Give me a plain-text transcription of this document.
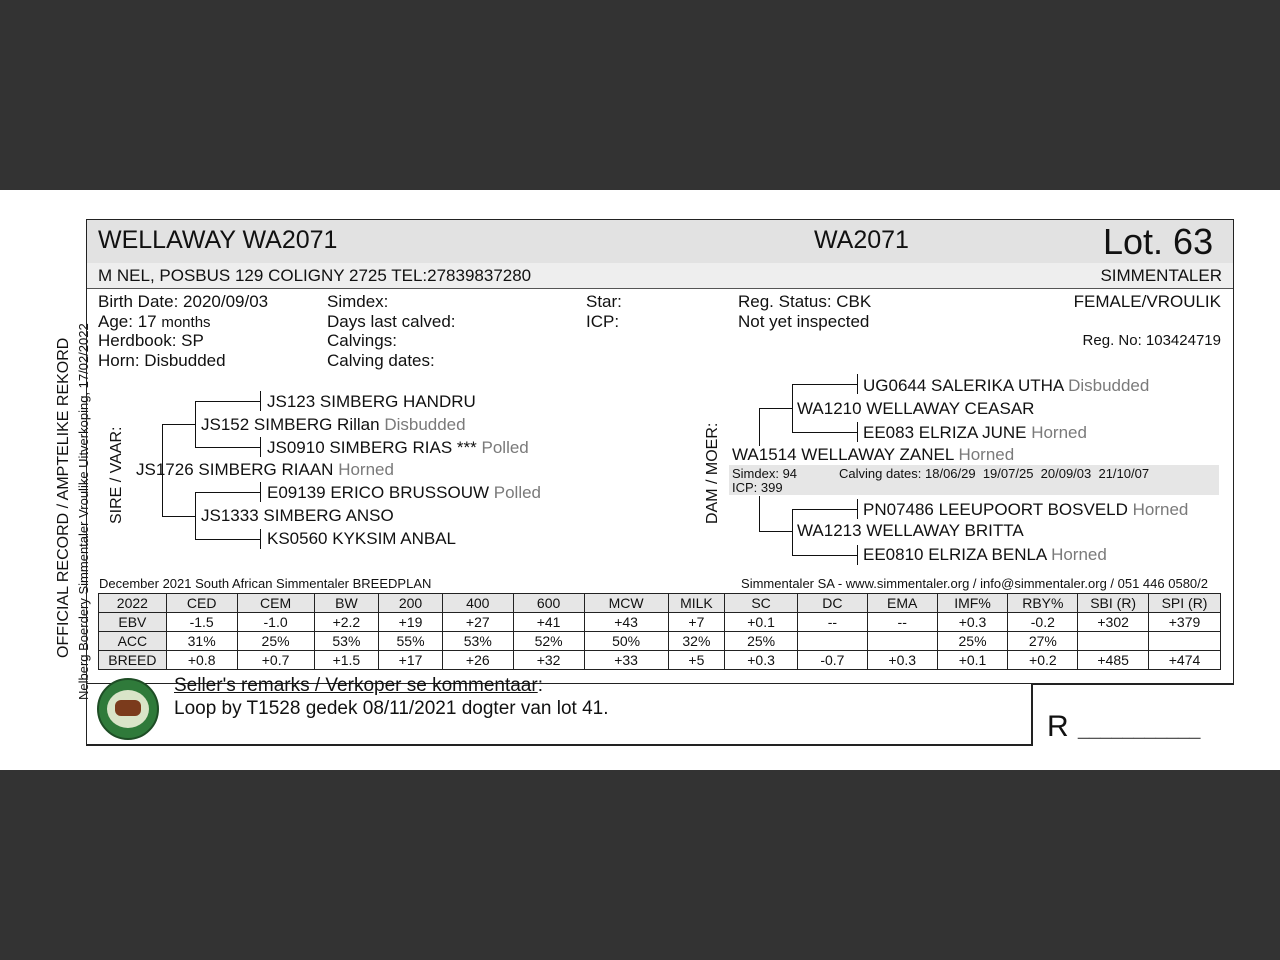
OFFICIAL RECORD / AMPTELIKE REKORD Nelberg Boerdery Simmentaler Vroulike Uitverkoping, 17/02/2022
WELLAWAY WA2071	WA2071	Lot. 63
M NEL, POSBUS 129 COLIGNY 2725 TEL:27839837280	SIMMENTALER
Birth Date: 2020/09/03
Age: 17 months
Herdbook: SP
Horn: Disbudded
Simdex:
Days last calved:
Calvings:
Calving dates:
Star:
ICP:
Reg. Status: CBK
Not yet inspected
FEMALE/VROULIK
Reg. No: 103424719
SIRE / VAAR:
JS123 SIMBERG HANDRU
JS152 SIMBERG Rillan Disbudded
JS0910 SIMBERG RIAS *** Polled
JS1726 SIMBERG RIAAN Horned
E09139 ERICO BRUSSOUW Polled
JS1333 SIMBERG ANSO
KS0560 KYKSIM ANBAL
DAM / MOER:
UG0644 SALERIKA UTHA Disbudded
WA1210 WELLAWAY CEASAR
EE083 ELRIZA JUNE Horned
WA1514 WELLAWAY ZANEL Horned
Simdex: 94	Calving dates: 18/06/29  19/07/25  20/09/03  21/10/07
ICP: 399
PN07486 LEEUPOORT BOSVELD Horned
WA1213 WELLAWAY BRITTA
EE0810 ELRIZA BENLA Horned
December 2021 South African Simmentaler BREEDPLAN	Simmentaler SA - www.simmentaler.org / info@simmentaler.org / 051 446 0580/2
2022	CED	CEM	BW	200	400	600	MCW	MILK	SC	DC	EMA	IMF%	RBY%	SBI (R)	SPI (R)
EBV	-1.5	-1.0	+2.2	+19	+27	+41	+43	+7	+0.1	--	--	+0.3	-0.2	+302	+379
ACC	31%	25%	53%	55%	53%	52%	50%	32%	25%			25%	27%		
BREED	+0.8	+0.7	+1.5	+17	+26	+32	+33	+5	+0.3	-0.7	+0.3	+0.1	+0.2	+485	+474
Seller's remarks / Verkoper se kommentaar:
Loop by T1528 gedek 08/11/2021 dogter van lot 41.
R ___________
